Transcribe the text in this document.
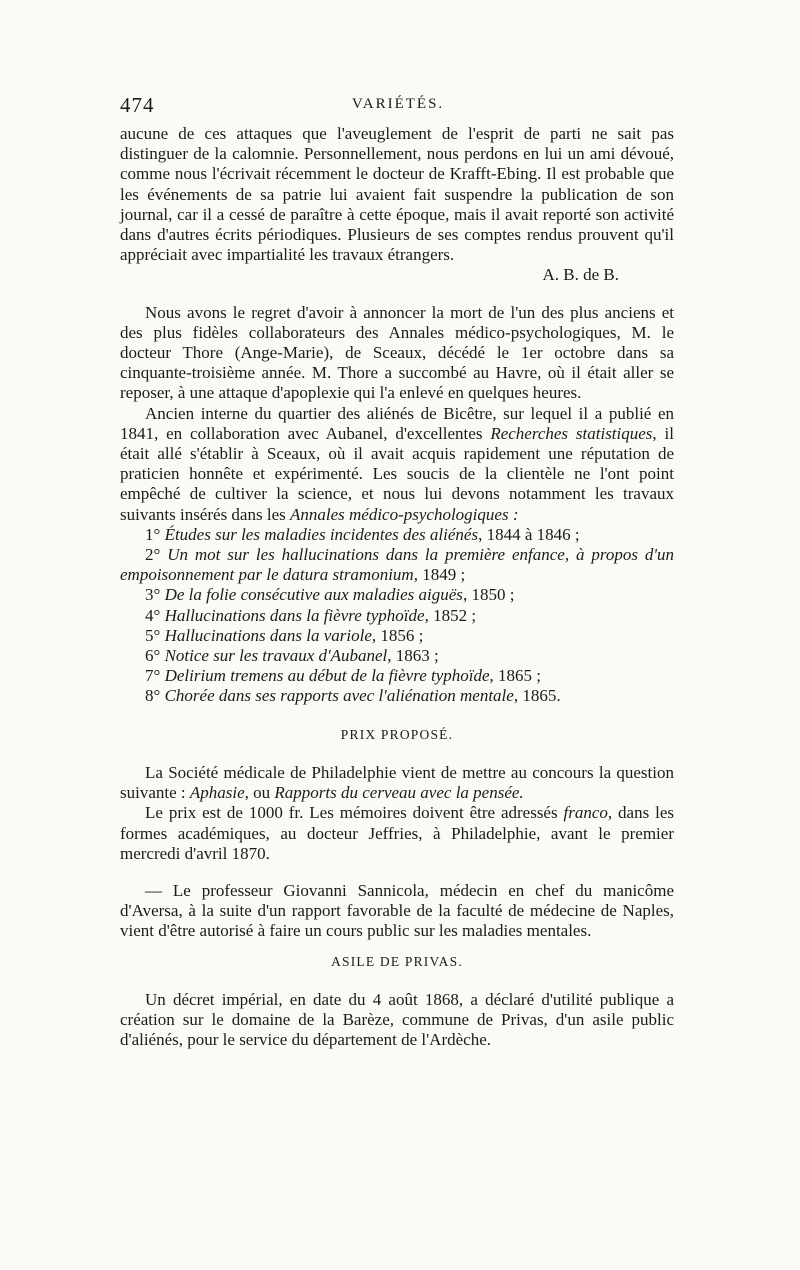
474	VARIÉTÉS.

aucune de ces attaques que l'aveuglement de l'esprit de parti ne sait pas distinguer de la calomnie. Personnellement, nous perdons en lui un ami dévoué, comme nous l'écrivait récemment le docteur de Krafft-Ebing. Il est probable que les événements de sa patrie lui avaient fait suspendre la publication de son journal, car il a cessé de paraître à cette époque, mais il avait reporté son activité dans d'autres écrits périodiques. Plusieurs de ses comptes rendus prouvent qu'il appréciait avec impartialité les travaux étrangers.

A. B. de B.

Nous avons le regret d'avoir à annoncer la mort de l'un des plus anciens et des plus fidèles collaborateurs des Annales médico-psychologiques, M. le docteur Thore (Ange-Marie), de Sceaux, décédé le 1er octobre dans sa cinquante-troisième année. M. Thore a succombé au Havre, où il était aller se reposer, à une attaque d'apoplexie qui l'a enlevé en quelques heures.

Ancien interne du quartier des aliénés de Bicêtre, sur lequel il a publié en 1841, en collaboration avec Aubanel, d'excellentes Recherches statistiques, il était allé s'établir à Sceaux, où il avait acquis rapidement une réputation de praticien honnête et expérimenté. Les soucis de la clientèle ne l'ont point empêché de cultiver la science, et nous lui devons notamment les travaux suivants insérés dans les Annales médico-psychologiques :

1° Études sur les maladies incidentes des aliénés, 1844 à 1846 ;
2° Un mot sur les hallucinations dans la première enfance, à propos d'un empoisonnement par le datura stramonium, 1849 ;
3° De la folie consécutive aux maladies aiguës, 1850 ;
4° Hallucinations dans la fièvre typhoïde, 1852 ;
5° Hallucinations dans la variole, 1856 ;
6° Notice sur les travaux d'Aubanel, 1863 ;
7° Delirium tremens au début de la fièvre typhoïde, 1865 ;
8° Chorée dans ses rapports avec l'aliénation mentale, 1865.

PRIX PROPOSÉ.

La Société médicale de Philadelphie vient de mettre au concours la question suivante : Aphasie, ou Rapports du cerveau avec la pensée.

Le prix est de 1000 fr. Les mémoires doivent être adressés franco, dans les formes académiques, au docteur Jeffries, à Philadelphie, avant le premier mercredi d'avril 1870.

— Le professeur Giovanni Sannicola, médecin en chef du manicôme d'Aversa, à la suite d'un rapport favorable de la faculté de médecine de Naples, vient d'être autorisé à faire un cours public sur les maladies mentales.

ASILE DE PRIVAS.

Un décret impérial, en date du 4 août 1868, a déclaré d'utilité publique a création sur le domaine de la Barèze, commune de Privas, d'un asile public d'aliénés, pour le service du département de l'Ardèche.
